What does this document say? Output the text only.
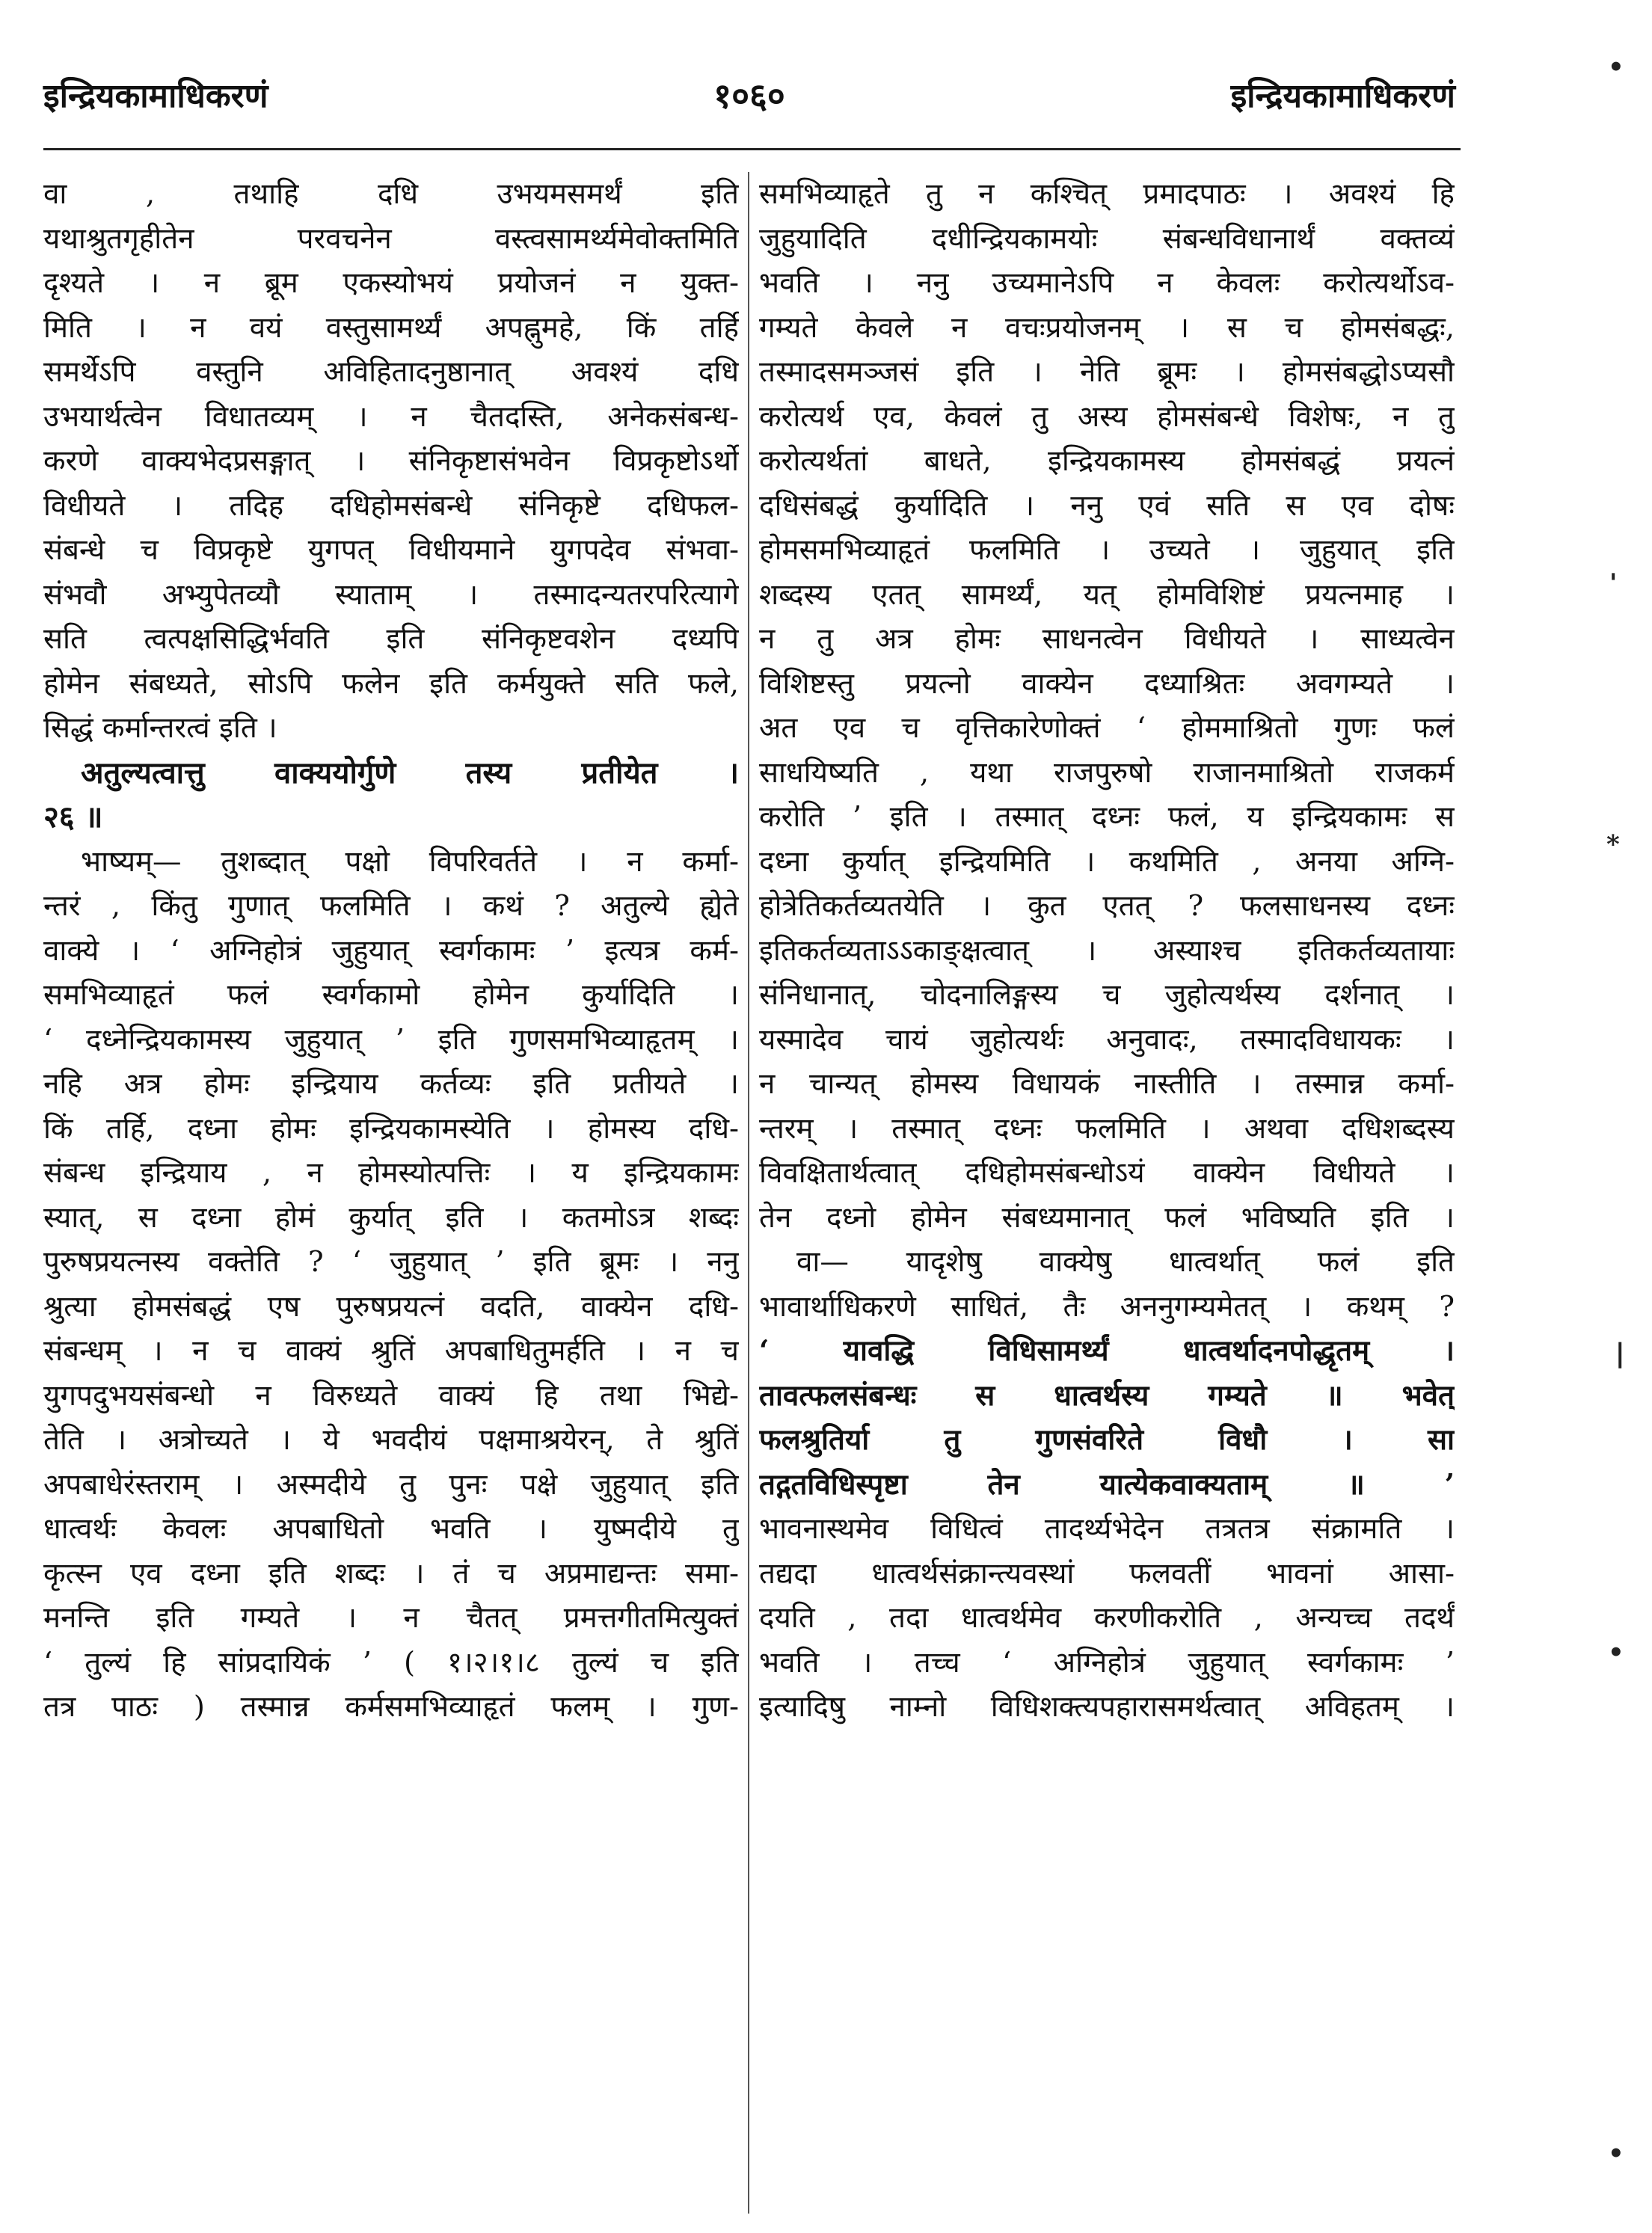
इन्द्रियकामाधिकरणं	१०६०	इन्द्रियकामाधिकरणं
वा , तथाहि दधि उभयमसमर्थं इति
यथाश्रुतगृहीतेन परवचनेन वस्त्वसामर्थ्यमेवोक्तमिति
दृश्यते । न ब्रूम एकस्योभयं प्रयोजनं न युक्त-
मिति । न वयं वस्तुसामर्थ्यं अपह्नुमहे, किं तर्हि
समर्थेऽपि वस्तुनि अविहितादनुष्ठानात् अवश्यं दधि
उभयार्थत्वेन विधातव्यम् । न चैतदस्ति, अनेकसंबन्ध-
करणे वाक्यभेदप्रसङ्गात् । संनिकृष्टासंभवेन विप्रकृष्टोऽर्थो
विधीयते । तदिह दधिहोमसंबन्धे संनिकृष्टे दधिफल-
संबन्धे च विप्रकृष्टे युगपत् विधीयमाने युगपदेव संभवा-
संभवौ अभ्युपेतव्यौ स्याताम् । तस्मादन्यतरपरित्यागे
सति त्वत्पक्षसिद्धिर्भवति इति संनिकृष्टवशेन दध्यपि
होमेन संबध्यते, सोऽपि फलेन इति कर्मयुक्ते सति फले,
सिद्धं कर्मान्तरत्वं इति ।
अतुल्यत्वात्तु वाक्ययोर्गुणे तस्य प्रतीयेत ।
२६ ॥
भाष्यम्— तुशब्दात् पक्षो विपरिवर्तते । न कर्मा-
न्तरं , किंतु गुणात् फलमिति । कथं ? अतुल्ये ह्येते
वाक्ये । ‘ अग्निहोत्रं जुहुयात् स्वर्गकामः ’ इत्यत्र कर्म-
समभिव्याहृतं फलं स्वर्गकामो होमेन कुर्यादिति ।
‘ दध्नेन्द्रियकामस्य जुहुयात् ’ इति गुणसमभिव्याहृतम् ।
नहि अत्र होमः इन्द्रियाय कर्तव्यः इति प्रतीयते ।
किं तर्हि, दध्ना होमः इन्द्रियकामस्येति । होमस्य दधि-
संबन्ध इन्द्रियाय , न होमस्योत्पत्तिः । य इन्द्रियकामः
स्यात्, स दध्ना होमं कुर्यात् इति । कतमोऽत्र शब्दः
पुरुषप्रयत्नस्य वक्तेति ? ‘ जुहुयात् ’ इति ब्रूमः । ननु
श्रुत्या होमसंबद्धं एष पुरुषप्रयत्नं वदति, वाक्येन दधि-
संबन्धम् । न च वाक्यं श्रुतिं अपबाधितुमर्हति । न च
युगपदुभयसंबन्धो न विरुध्यते वाक्यं हि तथा भिद्ये-
तेति । अत्रोच्यते । ये भवदीयं पक्षमाश्रयेरन्, ते श्रुतिं
अपबाधेरंस्तराम् । अस्मदीये तु पुनः पक्षे जुहुयात् इति
धात्वर्थः केवलः अपबाधितो भवति । युष्मदीये तु
कृत्स्न एव दध्ना इति शब्दः । तं च अप्रमाद्यन्तः समा-
मनन्ति इति गम्यते । न चैतत् प्रमत्तगीतमित्युक्तं
‘ तुल्यं हि सांप्रदायिकं ’ ( १।२।१।८ तुल्यं च इति
तत्र पाठः ) तस्मान्न कर्मसमभिव्याहृतं फलम् । गुण-
समभिव्याहृते तु न कश्चित् प्रमादपाठः । अवश्यं हि
जुहुयादिति दधीन्द्रियकामयोः संबन्धविधानार्थं वक्तव्यं
भवति । ननु उच्यमानेऽपि न केवलः करोत्यर्थोऽव-
गम्यते केवले न वचःप्रयोजनम् । स च होमसंबद्धः,
तस्मादसमञ्जसं इति । नेति ब्रूमः । होमसंबद्धोऽप्यसौ
करोत्यर्थ एव, केवलं तु अस्य होमसंबन्धे विशेषः, न तु
करोत्यर्थतां बाधते, इन्द्रियकामस्य होमसंबद्धं प्रयत्नं
दधिसंबद्धं कुर्यादिति । ननु एवं सति स एव दोषः
होमसमभिव्याहृतं फलमिति । उच्यते । जुहुयात् इति
शब्दस्य एतत् सामर्थ्यं, यत् होमविशिष्टं प्रयत्नमाह ।
न तु अत्र होमः साधनत्वेन विधीयते । साध्यत्वेन
विशिष्टस्तु प्रयत्नो वाक्येन दध्याश्रितः अवगम्यते ।
अत एव च वृत्तिकारेणोक्तं ‘ होममाश्रितो गुणः फलं
साधयिष्यति , यथा राजपुरुषो राजानमाश्रितो राजकर्म
करोति ’ इति । तस्मात् दध्नः फलं, य इन्द्रियकामः स
दध्ना कुर्यात् इन्द्रियमिति । कथमिति , अनया अग्नि-
होत्रेतिकर्तव्यतयेति । कुत एतत् ? फलसाधनस्य दध्नः
इतिकर्तव्यताऽऽकाङ्क्षत्वात् । अस्याश्च इतिकर्तव्यतायाः
संनिधानात्, चोदनालिङ्गस्य च जुहोत्यर्थस्य दर्शनात् ।
यस्मादेव चायं जुहोत्यर्थः अनुवादः, तस्मादविधायकः ।
न चान्यत् होमस्य विधायकं नास्तीति । तस्मान्न कर्मा-
न्तरम् । तस्मात् दध्नः फलमिति । अथवा दधिशब्दस्य
विवक्षितार्थत्वात् दधिहोमसंबन्धोऽयं वाक्येन विधीयते ।
तेन दध्नो होमेन संबध्यमानात् फलं भविष्यति इति ।
वा— यादृशेषु वाक्येषु धात्वर्थात् फलं इति
भावार्थाधिकरणे साधितं, तैः अननुगम्यमेतत् । कथम् ?
‘ यावद्धि विधिसामर्थ्यं धात्वर्थादनपोद्धृतम् ।
तावत्फलसंबन्धः स धात्वर्थस्य गम्यते ॥ भवेत्
फलश्रुतिर्या तु गुणसंवरिते विधौ । सा
तद्गतविधिस्पृष्टा तेन यात्येकवाक्यताम् ॥ ’
भावनास्थमेव विधित्वं तादर्थ्यभेदेन तत्रतत्र संक्रामति ।
तद्यदा धात्वर्थसंक्रान्त्यवस्थां फलवतीं भावनां आसा-
दयति , तदा धात्वर्थमेव करणीकरोति , अन्यच्च तदर्थं
भवति । तच्च ‘ अग्निहोत्रं जुहुयात् स्वर्गकामः ’
इत्यादिषु नाम्नो विधिशक्त्यपहारासमर्थत्वात् अविहतम् ।
•
'
⁎
❘
•
•
